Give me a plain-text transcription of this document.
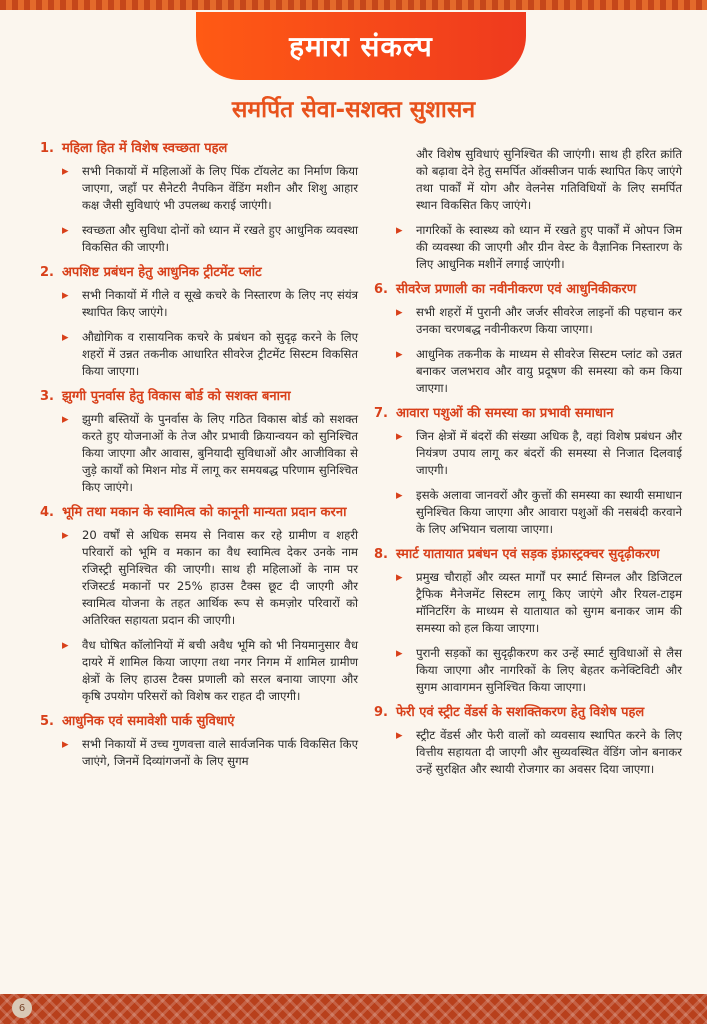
हमारा संकल्प
समर्पित सेवा-सशक्त सुशासन
1. महिला हित में विशेष स्वच्छता पहल
▸	सभी निकायों में महिलाओं के लिए पिंक टॉयलेट का निर्माण किया जाएगा, जहाँ पर सैनेटरी नैपकिन वेंडिंग मशीन और शिशु आहार कक्ष जैसी सुविधाएं भी उपलब्ध कराई जाएंगी।
▸	स्वच्छता और सुविधा दोनों को ध्यान में रखते हुए आधुनिक व्यवस्था विकसित की जाएगी।
2. अपशिष्ट प्रबंधन हेतु आधुनिक ट्रीटमेंट प्लांट
▸	सभी निकायों में गीले व सूखे कचरे के निस्तारण के लिए नए संयंत्र स्थापित किए जाएंगे।
▸	औद्योगिक व रासायनिक कचरे के प्रबंधन को सुदृढ़ करने के लिए शहरों में उन्नत तकनीक आधारित सीवरेज ट्रीटमेंट सिस्टम विकसित किया जाएगा।
3. झुग्गी पुनर्वास हेतु विकास बोर्ड को सशक्त बनाना
▸	झुग्गी बस्तियों के पुनर्वास के लिए गठित विकास बोर्ड को सशक्त करते हुए योजनाओं के तेज और प्रभावी क्रियान्वयन को सुनिश्चित किया जाएगा और आवास, बुनियादी सुविधाओं और आजीविका से जुड़े कार्यों को मिशन मोड में लागू कर समयबद्ध परिणाम सुनिश्चित किए जाएंगे।
4. भूमि तथा मकान के स्वामित्व को कानूनी मान्यता प्रदान करना
▸	20 वर्षों से अधिक समय से निवास कर रहे ग्रामीण व शहरी परिवारों को भूमि व मकान का वैध स्वामित्व देकर उनके नाम रजिस्ट्री सुनिश्चित की जाएगी। साथ ही महिलाओं के नाम पर रजिस्टर्ड मकानों पर 25% हाउस टैक्स छूट दी जाएगी और स्वामित्व योजना के तहत आर्थिक रूप से कमज़ोर परिवारों को अतिरिक्त सहायता प्रदान की जाएगी।
▸	वैध घोषित कॉलोनियों में बची अवैध भूमि को भी नियमानुसार वैध दायरे में शामिल किया जाएगा तथा नगर निगम में शामिल ग्रामीण क्षेत्रों के लिए हाउस टैक्स प्रणाली को सरल बनाया जाएगा और कृषि उपयोग परिसरों को विशेष कर राहत दी जाएगी।
5. आधुनिक एवं समावेशी पार्क सुविधाएं
▸	सभी निकायों में उच्च गुणवत्ता वाले सार्वजनिक पार्क विकसित किए जाएंगे, जिनमें दिव्यांगजनों के लिए सुगम
और विशेष सुविधाएं सुनिश्चित की जाएंगी। साथ ही हरित क्रांति को बढ़ावा देने हेतु समर्पित ऑक्सीजन पार्क स्थापित किए जाएंगे तथा पार्कों में योग और वेलनेस गतिविधियों के लिए समर्पित स्थान विकसित किए जाएंगे।
▸	नागरिकों के स्वास्थ्य को ध्यान में रखते हुए पार्कों में ओपन जिम की व्यवस्था की जाएगी और ग्रीन वेस्ट के वैज्ञानिक निस्तारण के लिए आधुनिक मशीनें लगाई जाएंगी।
6. सीवरेज प्रणाली का नवीनीकरण एवं आधुनिकीकरण
▸	सभी शहरों में पुरानी और जर्जर सीवरेज लाइनों की पहचान कर उनका चरणबद्ध नवीनीकरण किया जाएगा।
▸	आधुनिक तकनीक के माध्यम से सीवरेज सिस्टम प्लांट को उन्नत बनाकर जलभराव और वायु प्रदूषण की समस्या को कम किया जाएगा।
7. आवारा पशुओं की समस्या का प्रभावी समाधान
▸	जिन क्षेत्रों में बंदरों की संख्या अधिक है, वहां विशेष प्रबंधन और नियंत्रण उपाय लागू कर बंदरों की समस्या से निजात दिलवाई जाएगी।
▸	इसके अलावा जानवरों और कुत्तों की समस्या का स्थायी समाधान सुनिश्चित किया जाएगा और आवारा पशुओं की नसबंदी करवाने के लिए अभियान चलाया जाएगा।
8. स्मार्ट यातायात प्रबंधन एवं सड़क इंफ्रास्ट्रक्चर सुदृढ़ीकरण
▸	प्रमुख चौराहों और व्यस्त मार्गों पर स्मार्ट सिग्नल और डिजिटल ट्रैफिक मैनेजमेंट सिस्टम लागू किए जाएंगे और रियल-टाइम मॉनिटरिंग के माध्यम से यातायात को सुगम बनाकर जाम की समस्या को हल किया जाएगा।
▸	पुरानी सड़कों का सुदृढ़ीकरण कर उन्हें स्मार्ट सुविधाओं से लैस किया जाएगा और नागरिकों के लिए बेहतर कनेक्टिविटी और सुगम आवागमन सुनिश्चित किया जाएगा।
9. फेरी एवं स्ट्रीट वेंडर्स के सशक्तिकरण हेतु विशेष पहल
▸	स्ट्रीट वेंडर्स और फेरी वालों को व्यवसाय स्थापित करने के लिए वित्तीय सहायता दी जाएगी और सुव्यवस्थित वेंडिंग जोन बनाकर उन्हें सुरक्षित और स्थायी रोजगार का अवसर दिया जाएगा।
6
